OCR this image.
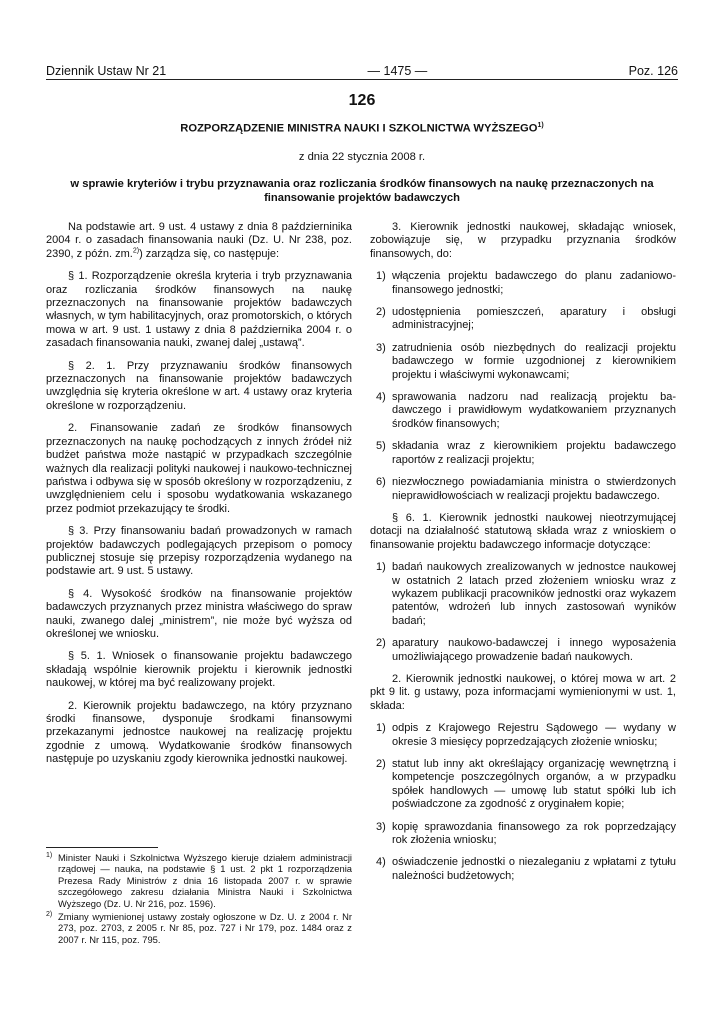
Dziennik Ustaw Nr 21	— 1475 —	Poz. 126
126
ROZPORZĄDZENIE MINISTRA NAUKI I SZKOLNICTWA WYŻSZEGO$^{1)}$
z dnia 22 stycznia 2008 r.
w sprawie kryteriów i trybu przyznawania oraz rozliczania środków finansowych na naukę przeznaczonych na finansowanie projektów badawczych

Na podstawie art. 9 ust. 4 ustawy z dnia 8 październinika 2004 r. o zasadach finansowania nauki (Dz. U. Nr 238, poz. 2390, z późn. zm.$^{2)}$) zarządza się, co następuje:

§ 1. Rozporządzenie określa kryteria i tryb przyznawania oraz rozliczania środków finansowych na naukę przeznaczonych na finansowanie projektów badawczych własnych, w tym habilitacyjnych, oraz promotorskich, o których mowa w art. 9 ust. 1 ustawy z dnia 8 października 2004 r. o zasadach finansowania nauki, zwanej dalej „ustawą”.

§ 2. 1. Przy przyznawaniu środków finansowych przeznaczonych na finansowanie projektów badawczych uwzględnia się kryteria określone w art. 4 ustawy oraz kryteria określone w rozporządzeniu.

2. Finansowanie zadań ze środków finansowych przeznaczonych na naukę pochodzących z innych źródeł niż budżet państwa może nastąpić w przypadkach szczególnie ważnych dla realizacji polityki naukowej i naukowo-technicznej państwa i odbywa się w sposób określony w rozporządzeniu, z uwzględnieniem celu i sposobu wydatkowania wskazanego przez podmiot przekazujący te środki.

§ 3. Przy finansowaniu badań prowadzonych w ramach projektów badawczych podlegających przepisom o pomocy publicznej stosuje się przepisy rozporządzenia wydanego na podstawie art. 9 ust. 5 ustawy.

§ 4. Wysokość środków na finansowanie projektów badawczych przyznanych przez ministra właściwego do spraw nauki, zwanego dalej „ministrem”, nie może być wyższa od określonej we wniosku.

§ 5. 1. Wniosek o finansowanie projektu badawczego składają wspólnie kierownik projektu i kierownik jednostki naukowej, w której ma być realizowany projekt.

2. Kierownik projektu badawczego, na który przyznano środki finansowe, dysponuje środkami finansowymi przekazanymi jednostce naukowej na realizację projektu zgodnie z umową. Wydatkowanie środków finansowych następuje po uzyskaniu zgody kierownika jednostki naukowej.

1) Minister Nauki i Szkolnictwa Wyższego kieruje działem administracji rządowej — nauka, na podstawie § 1 ust. 2 pkt 1 rozporządzenia Prezesa Rady Ministrów z dnia 16 listopada 2007 r. w sprawie szczegółowego zakresu działania Ministra Nauki i Szkolnictwa Wyższego (Dz. U. Nr 216, poz. 1596).
2) Zmiany wymienionej ustawy zostały ogłoszone w Dz. U. z 2004 r. Nr 273, poz. 2703, z 2005 r. Nr 85, poz. 727 i Nr 179, poz. 1484 oraz z 2007 r. Nr 115, poz. 795.

3. Kierownik jednostki naukowej, składając wniosek, zobowiązuje się, w przypadku przyznania środków finansowych, do:

1) włączenia projektu badawczego do planu zadaniowo-finansowego jednostki;
2) udostępnienia pomieszczeń, aparatury i obsługi administracyjnej;
3) zatrudnienia osób niezbędnych do realizacji projektu badawczego w formie uzgodnionej z kierownikiem projektu i właściwymi wykonawcami;
4) sprawowania nadzoru nad realizacją projektu badawczego i prawidłowym wydatkowaniem przyznanych środków finansowych;
5) składania wraz z kierownikiem projektu badawczego raportów z realizacji projektu;
6) niezwłocznego powiadamiania ministra o stwierdzonych nieprawidłowościach w realizacji projektu badawczego.

§ 6. 1. Kierownik jednostki naukowej nieotrzymującej dotacji na działalność statutową składa wraz z wnioskiem o finansowanie projektu badawczego informacje dotyczące:

1) badań naukowych zrealizowanych w jednostce naukowej w ostatnich 2 latach przed złożeniem wniosku wraz z wykazem publikacji pracowników jednostki oraz wykazem patentów, wdrożeń lub innych zastosowań wyników badań;
2) aparatury naukowo-badawczej i innego wyposażenia umożliwiającego prowadzenie badań naukowych.

2. Kierownik jednostki naukowej, o której mowa w art. 2 pkt 9 lit. g ustawy, poza informacjami wymienionymi w ust. 1, składa:

1) odpis z Krajowego Rejestru Sądowego — wydany w okresie 3 miesięcy poprzedzających złożenie wniosku;
2) statut lub inny akt określający organizację wewnętrzną i kompetencje poszczególnych organów, a w przypadku spółek handlowych — umowę lub statut spółki lub ich poświadczone za zgodność z oryginałem kopie;
3) kopię sprawozdania finansowego za rok poprzedzający rok złożenia wniosku;
4) oświadczenie jednostki o niezaleganiu z wpłatami z tytułu należności budżetowych;
